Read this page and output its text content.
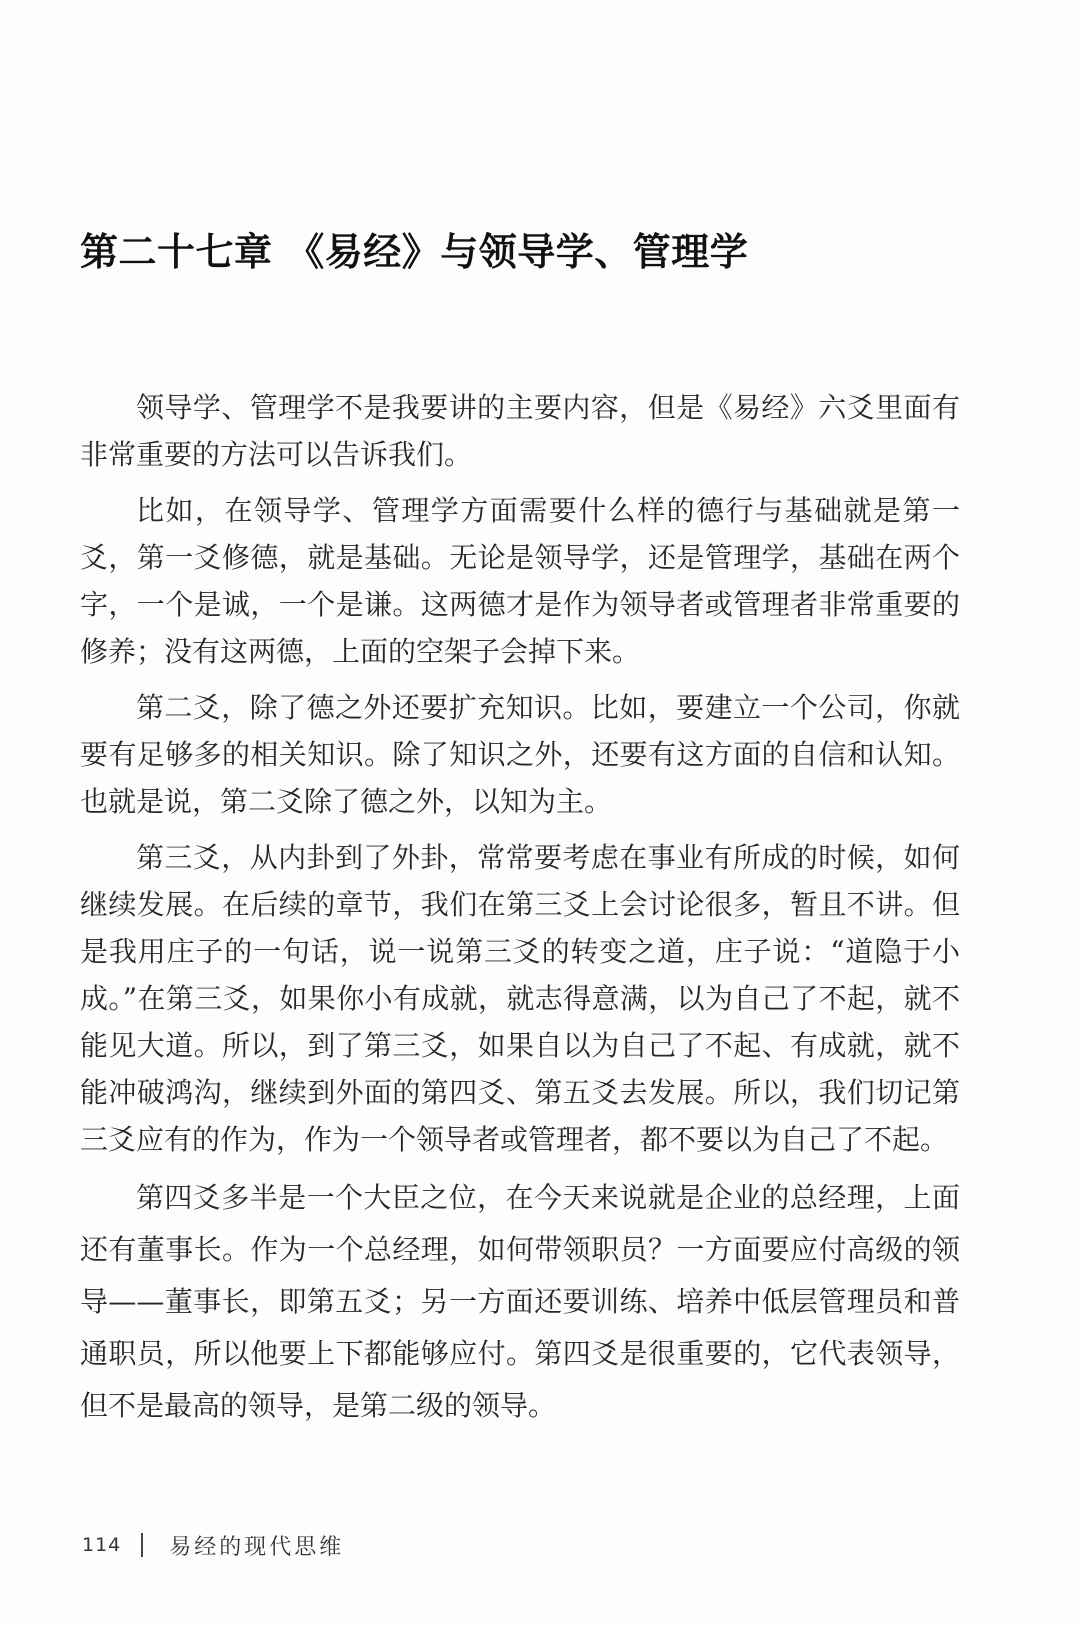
第二十七章 《易经》与领导学、管理学

领导学、管理学不是我要讲的主要内容，但是《易经》六爻里面有非常重要的方法可以告诉我们。

比如，在领导学、管理学方面需要什么样的德行与基础就是第一爻，第一爻修德，就是基础。无论是领导学，还是管理学，基础在两个字，一个是诚，一个是谦。这两德才是作为领导者或管理者非常重要的修养；没有这两德，上面的空架子会掉下来。

第二爻，除了德之外还要扩充知识。比如，要建立一个公司，你就要有足够多的相关知识。除了知识之外，还要有这方面的自信和认知。也就是说，第二爻除了德之外，以知为主。

第三爻，从内卦到了外卦，常常要考虑在事业有所成的时候，如何继续发展。在后续的章节，我们在第三爻上会讨论很多，暂且不讲。但是我用庄子的一句话，说一说第三爻的转变之道，庄子说：“道隐于小成。”在第三爻，如果你小有成就，就志得意满，以为自己了不起，就不能见大道。所以，到了第三爻，如果自以为自己了不起、有成就，就不能冲破鸿沟，继续到外面的第四爻、第五爻去发展。所以，我们切记第三爻应有的作为，作为一个领导者或管理者，都不要以为自己了不起。

第四爻多半是一个大臣之位，在今天来说就是企业的总经理，上面还有董事长。作为一个总经理，如何带领职员？一方面要应付高级的领导——董事长，即第五爻；另一方面还要训练、培养中低层管理员和普通职员，所以他要上下都能够应付。第四爻是很重要的，它代表领导，但不是最高的领导，是第二级的领导。

114 易经的现代思维
